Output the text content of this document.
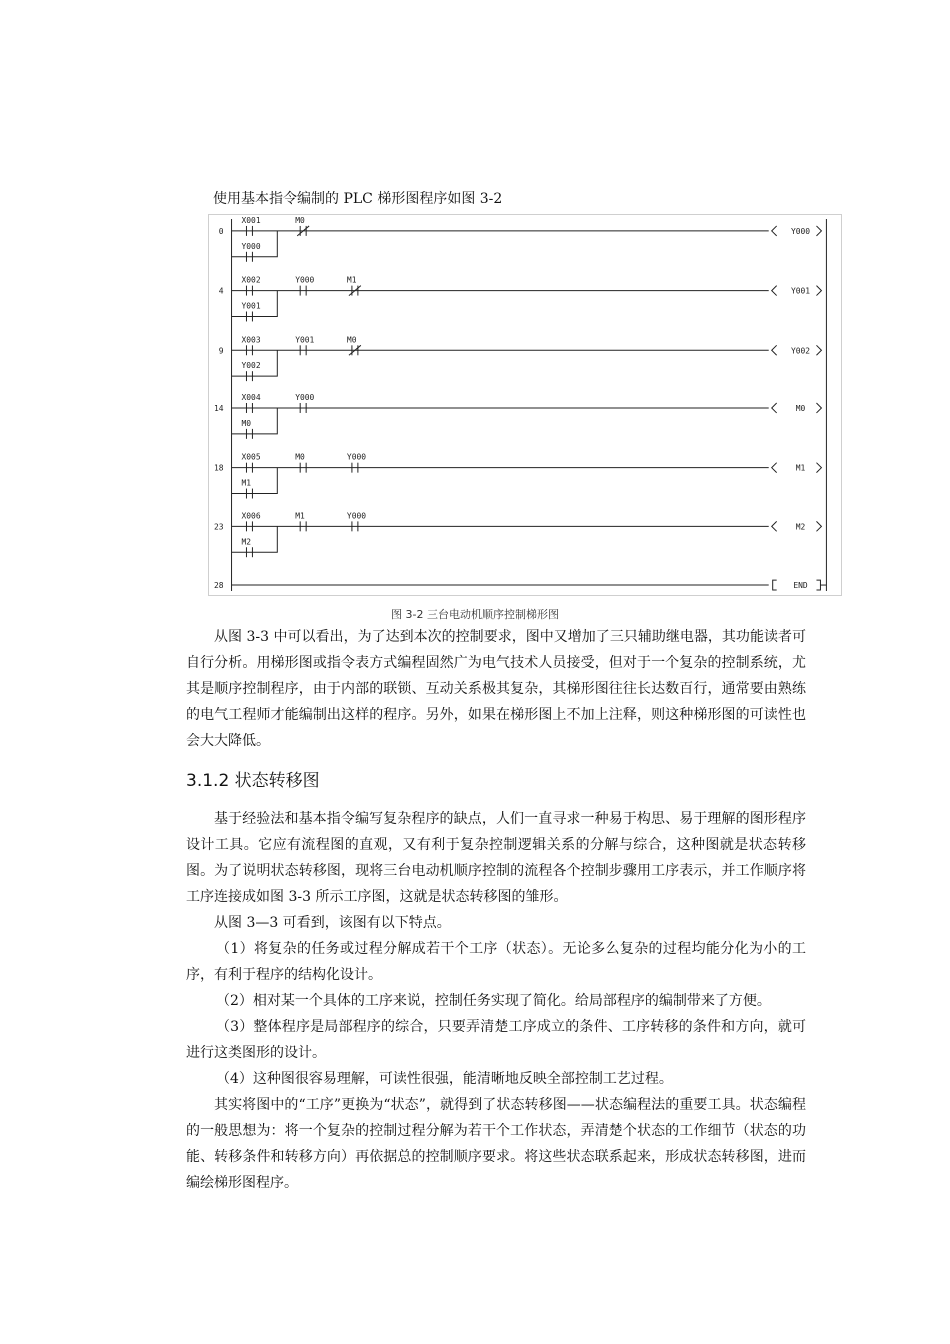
使用基本指令编制的 PLC 梯形图程序如图 3-2
0
X001	M0
Y000
Y000
4
X002	Y000	M1
Y001
Y001
9
X003	Y001	M0
Y002
Y002
14
X004	Y000
M0
M0
18
X005	M0	Y000
M1
M1
23
X006	M1	Y000
M2
M2
28	END
图 3-2 三台电动机顺序控制梯形图

从图 3-3 中可以看出，为了达到本次的控制要求，图中又增加了三只辅助继电器，其功能读者可自行分析。用梯形图或指令表方式编程固然广为电气技术人员接受，但对于一个复杂的控制系统，尤其是顺序控制程序，由于内部的联锁、互动关系极其复杂，其梯形图往往长达数百行，通常要由熟练的电气工程师才能编制出这样的程序。另外，如果在梯形图上不加上注释，则这种梯形图的可读性也会大大降低。

3.1.2 状态转移图

基于经验法和基本指令编写复杂程序的缺点，人们一直寻求一种易于构思、易于理解的图形程序设计工具。它应有流程图的直观，又有利于复杂控制逻辑关系的分解与综合，这种图就是状态转移图。为了说明状态转移图，现将三台电动机顺序控制的流程各个控制步骤用工序表示，并工作顺序将工序连接成如图 3-3 所示工序图，这就是状态转移图的雏形。

从图 3—3 可看到，该图有以下特点。

（1）将复杂的任务或过程分解成若干个工序（状态）。无论多么复杂的过程均能分化为小的工序，有利于程序的结构化设计。

（2）相对某一个具体的工序来说，控制任务实现了简化。给局部程序的编制带来了方便。

（3）整体程序是局部程序的综合，只要弄清楚工序成立的条件、工序转移的条件和方向，就可进行这类图形的设计。

（4）这种图很容易理解，可读性很强，能清晰地反映全部控制工艺过程。

其实将图中的“工序”更换为“状态”，就得到了状态转移图——状态编程法的重要工具。状态编程的一般思想为：将一个复杂的控制过程分解为若干个工作状态，弄清楚个状态的工作细节（状态的功能、转移条件和转移方向）再依据总的控制顺序要求。将这些状态联系起来，形成状态转移图，进而编绘梯形图程序。
